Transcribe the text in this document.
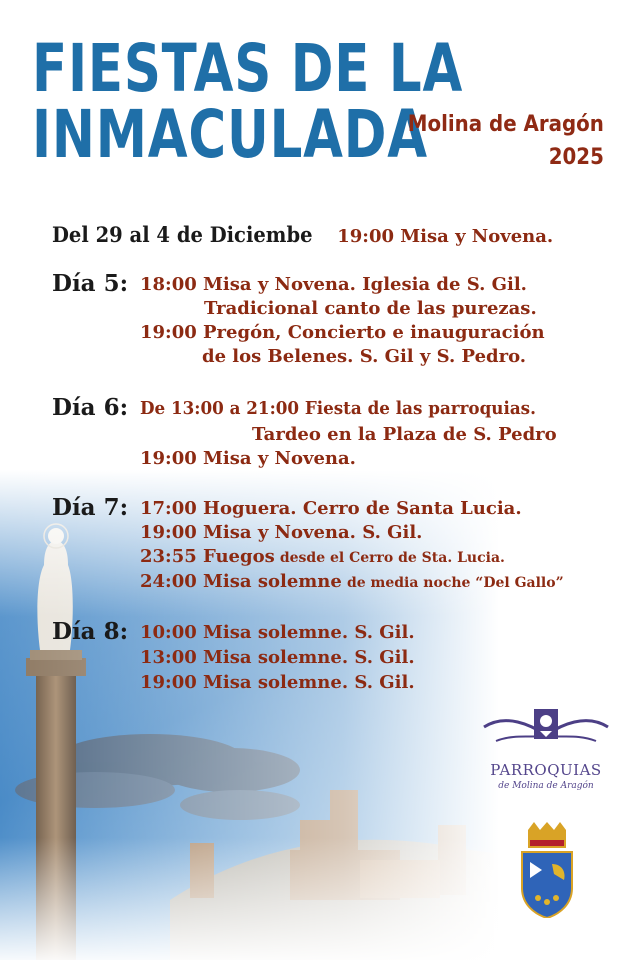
FIESTAS DE LA
INMACULADA
Molina de Aragón
2025
Del 29 al 4 de Diciembe 19:00 Misa y Novena.
Día 5: 18:00 Misa y Novena. Iglesia de S. Gil.
Tradicional canto de las purezas.
19:00 Pregón, Concierto e inauguración
de los Belenes. S. Gil y S. Pedro.
Día 6: De 13:00 a 21:00 Fiesta de las parroquias.
Tardeo en la Plaza de S. Pedro
19:00 Misa y Novena.
Día 7: 17:00 Hoguera. Cerro de Santa Lucia.
19:00 Misa y Novena. S. Gil.
23:55 Fuegos desde el Cerro de Sta. Lucia.
24:00 Misa solemne de media noche “Del Gallo”
Día 8: 10:00 Misa solemne. S. Gil.
13:00 Misa solemne. S. Gil.
19:00 Misa solemne. S. Gil.
PARROQUIAS
de Molina de Aragón
